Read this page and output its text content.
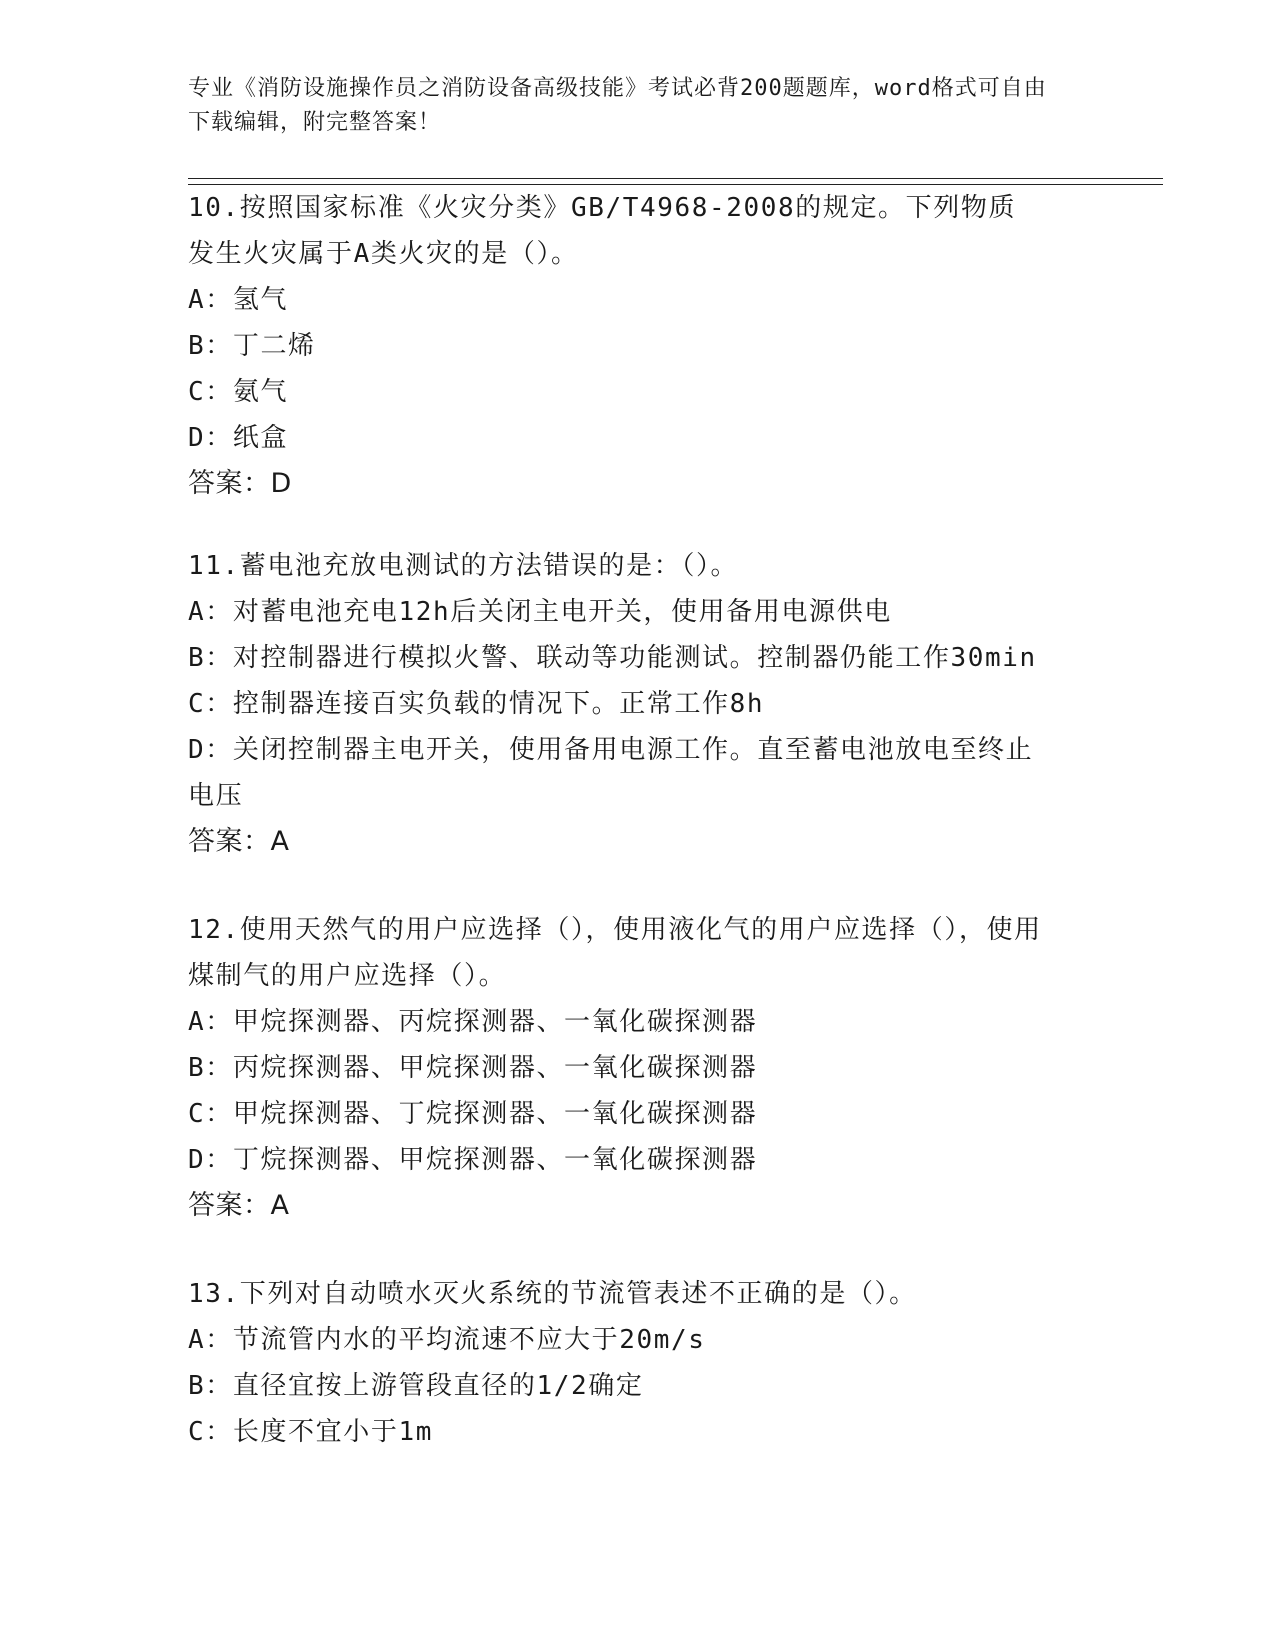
专业《消防设施操作员之消防设备高级技能》考试必背200题题库，word格式可自由下载编辑，附完整答案！
10.按照国家标准《火灾分类》GB/T4968-2008的规定。下列物质发生火灾属于A类火灾的是（）。
A：氢气
B：丁二烯
C：氨气
D：纸盒
答案：D
11.蓄电池充放电测试的方法错误的是：（）。
A：对蓄电池充电12h后关闭主电开关，使用备用电源供电
B：对控制器进行模拟火警、联动等功能测试。控制器仍能工作30min
C：控制器连接百实负载的情况下。正常工作8h
D：关闭控制器主电开关，使用备用电源工作。直至蓄电池放电至终止电压
答案：A
12.使用天然气的用户应选择（），使用液化气的用户应选择（），使用煤制气的用户应选择（）。
A：甲烷探测器、丙烷探测器、一氧化碳探测器
B：丙烷探测器、甲烷探测器、一氧化碳探测器
C：甲烷探测器、丁烷探测器、一氧化碳探测器
D：丁烷探测器、甲烷探测器、一氧化碳探测器
答案：A
13.下列对自动喷水灭火系统的节流管表述不正确的是（）。
A：节流管内水的平均流速不应大于20m/s
B：直径宜按上游管段直径的1/2确定
C：长度不宜小于1m
